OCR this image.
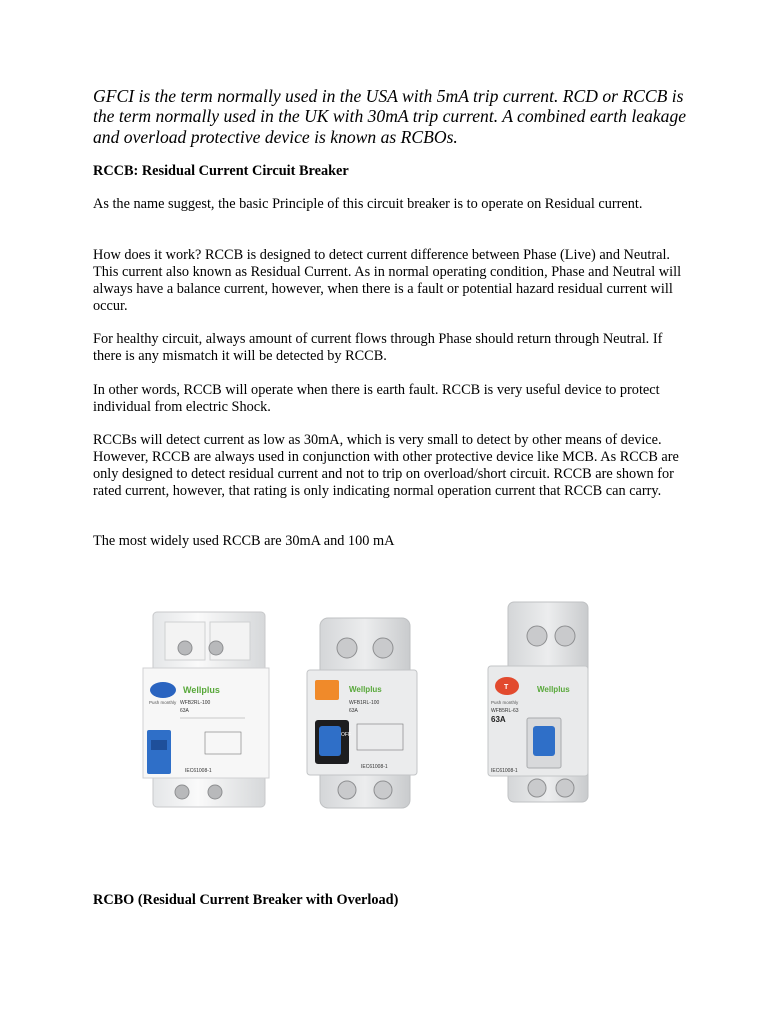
GFCI is the term normally used in the USA with 5mA trip current. RCD or RCCB is the term normally used in the UK with 30mA trip current. A combined earth leakage and overload protective device is known as RCBOs.

RCCB: Residual Current Circuit Breaker

As the name suggest, the basic Principle of this circuit breaker is to operate on Residual current.

How does it work? RCCB is designed to detect current difference between Phase (Live) and Neutral. This current also known as Residual Current. As in normal operating condition, Phase and Neutral will always have a balance current, however, when there is a fault or potential hazard residual current will occur.

For healthy circuit, always amount of current flows through Phase should return through Neutral. If there is any mismatch it will be detected by RCCB.

In other words, RCCB will operate when there is earth fault. RCCB is very useful device to protect individual from electric Shock.

RCCBs will detect current as low as 30mA, which is very small to detect by other means of device. However, RCCB are always used in conjunction with other protective device like MCB. As RCCB are only designed to detect residual current and not to trip on overload/short circuit. RCCB are shown for rated current, however, that rating is only indicating normal operation current that RCCB can carry.

The most widely used RCCB are 30mA and 100 mA

Wellplus
Push monthly WFB2RL-100
63A
IEC61008-1
Wellplus
WFB1RL-100
63A
OFF
IEC61008-1
T	Wellplus
Push monthly
WFB5RL-63
63A
IEC61008-1

RCBO (Residual Current Breaker with Overload)
